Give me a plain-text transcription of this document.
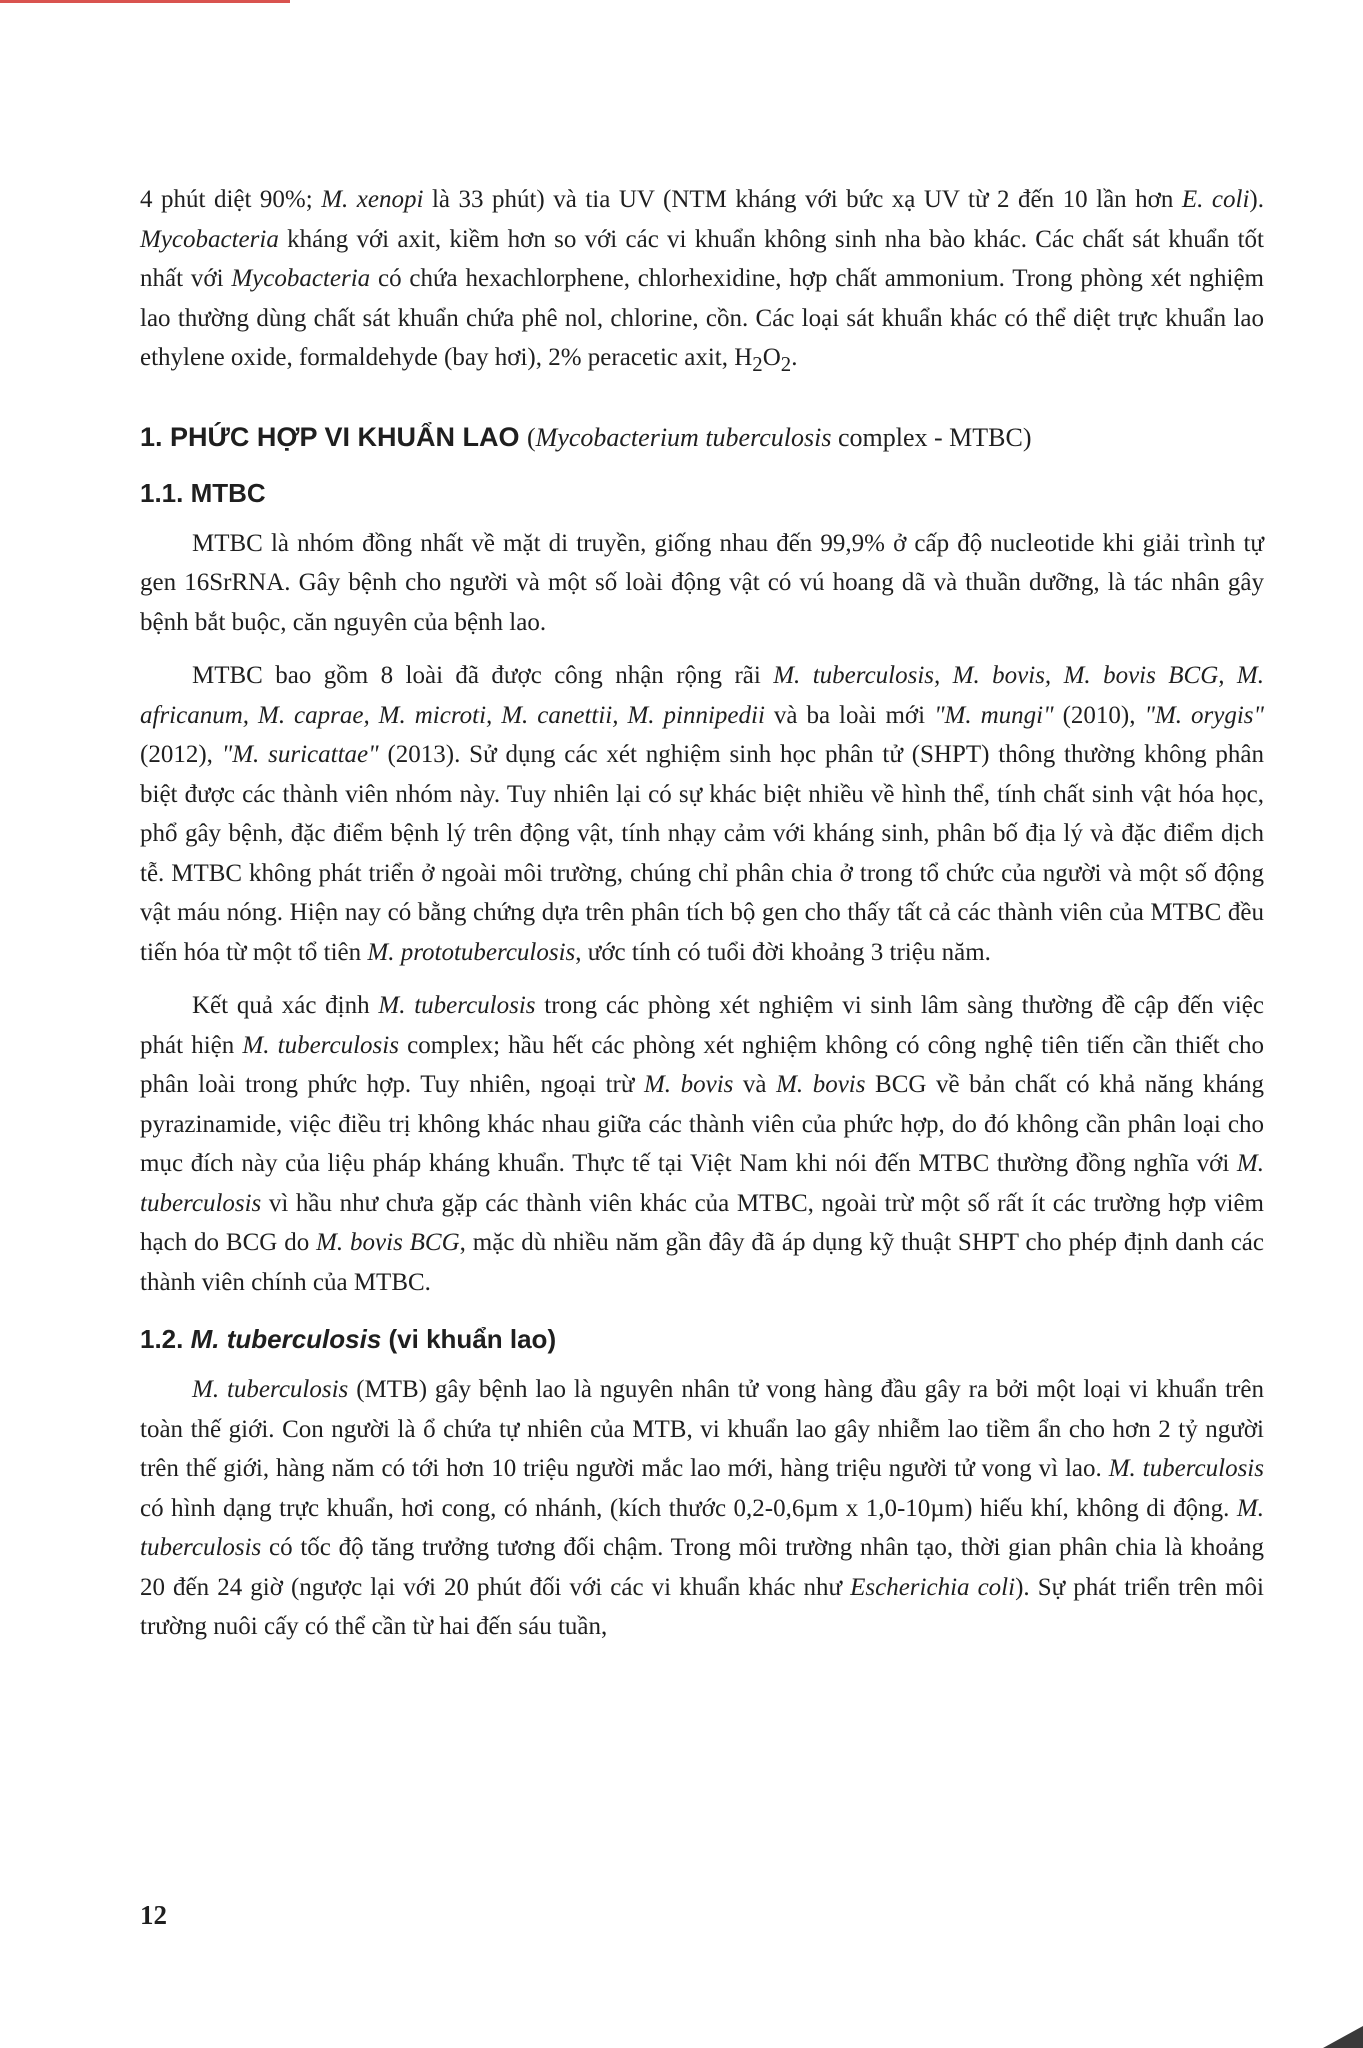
4 phút diệt 90%; M. xenopi là 33 phút) và tia UV (NTM kháng với bức xạ UV từ 2 đến 10 lần hơn E. coli). Mycobacteria kháng với axit, kiềm hơn so với các vi khuẩn không sinh nha bào khác. Các chất sát khuẩn tốt nhất với Mycobacteria có chứa hexachlorphene, chlorhexidine, hợp chất ammonium. Trong phòng xét nghiệm lao thường dùng chất sát khuẩn chứa phê nol, chlorine, cồn. Các loại sát khuẩn khác có thể diệt trực khuẩn lao ethylene oxide, formaldehyde (bay hơi), 2% peracetic axit, $H_2O_2$.

1. PHỨC HỢP VI KHUẨN LAO (Mycobacterium tuberculosis complex - MTBC)
1.1. MTBC

MTBC là nhóm đồng nhất về mặt di truyền, giống nhau đến 99,9% ở cấp độ nucleotide khi giải trình tự gen 16SrRNA. Gây bệnh cho người và một số loài động vật có vú hoang dã và thuần dưỡng, là tác nhân gây bệnh bắt buộc, căn nguyên của bệnh lao.

MTBC bao gồm 8 loài đã được công nhận rộng rãi M. tuberculosis, M. bovis, M. bovis BCG, M. africanum, M. caprae, M. microti, M. canettii, M. pinnipedii và ba loài mới "M. mungi" (2010), "M. orygis" (2012), "M. suricattae" (2013). Sử dụng các xét nghiệm sinh học phân tử (SHPT) thông thường không phân biệt được các thành viên nhóm này. Tuy nhiên lại có sự khác biệt nhiều về hình thể, tính chất sinh vật hóa học, phổ gây bệnh, đặc điểm bệnh lý trên động vật, tính nhạy cảm với kháng sinh, phân bố địa lý và đặc điểm dịch tễ. MTBC không phát triển ở ngoài môi trường, chúng chỉ phân chia ở trong tổ chức của người và một số động vật máu nóng. Hiện nay có bằng chứng dựa trên phân tích bộ gen cho thấy tất cả các thành viên của MTBC đều tiến hóa từ một tổ tiên M. prototuberculosis, ước tính có tuổi đời khoảng 3 triệu năm.

Kết quả xác định M. tuberculosis trong các phòng xét nghiệm vi sinh lâm sàng thường đề cập đến việc phát hiện M. tuberculosis complex; hầu hết các phòng xét nghiệm không có công nghệ tiên tiến cần thiết cho phân loài trong phức hợp. Tuy nhiên, ngoại trừ M. bovis và M. bovis BCG về bản chất có khả năng kháng pyrazinamide, việc điều trị không khác nhau giữa các thành viên của phức hợp, do đó không cần phân loại cho mục đích này của liệu pháp kháng khuẩn. Thực tế tại Việt Nam khi nói đến MTBC thường đồng nghĩa với M. tuberculosis vì hầu như chưa gặp các thành viên khác của MTBC, ngoài trừ một số rất ít các trường hợp viêm hạch do BCG do M. bovis BCG, mặc dù nhiều năm gần đây đã áp dụng kỹ thuật SHPT cho phép định danh các thành viên chính của MTBC.

1.2. M. tuberculosis (vi khuẩn lao)

M. tuberculosis (MTB) gây bệnh lao là nguyên nhân tử vong hàng đầu gây ra bởi một loại vi khuẩn trên toàn thế giới. Con người là ổ chứa tự nhiên của MTB, vi khuẩn lao gây nhiễm lao tiềm ẩn cho hơn 2 tỷ người trên thế giới, hàng năm có tới hơn 10 triệu người mắc lao mới, hàng triệu người tử vong vì lao. M. tuberculosis có hình dạng trực khuẩn, hơi cong, có nhánh, (kích thước 0,2-0,6µm x 1,0-10µm) hiếu khí, không di động. M. tuberculosis có tốc độ tăng trưởng tương đối chậm. Trong môi trường nhân tạo, thời gian phân chia là khoảng 20 đến 24 giờ (ngược lại với 20 phút đối với các vi khuẩn khác như Escherichia coli). Sự phát triển trên môi trường nuôi cấy có thể cần từ hai đến sáu tuần,

12
